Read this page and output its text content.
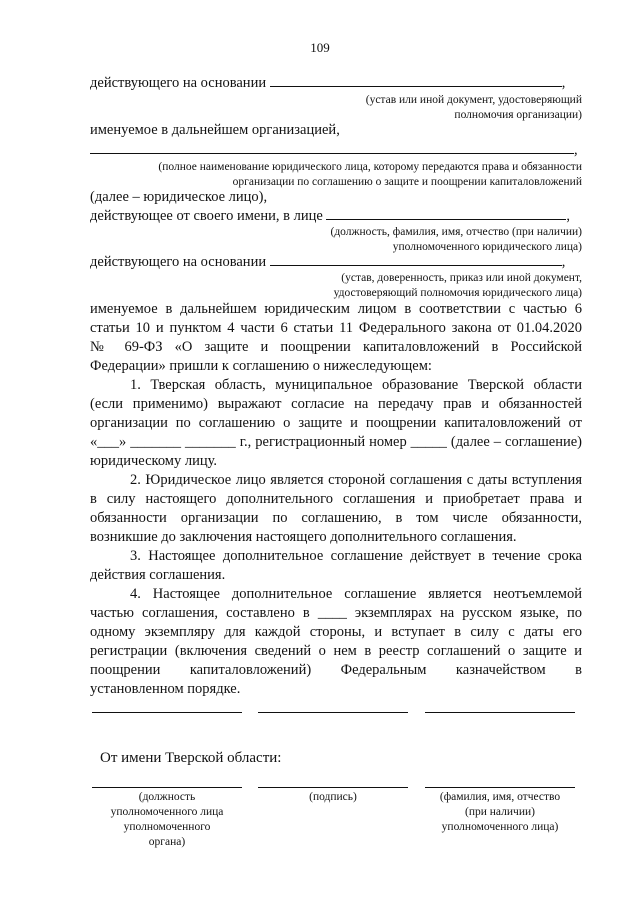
109
действующего на основании	,
(устав или иной документ, удостоверяющий
полномочия организации)
именуемое в дальнейшем организацией,
,
(полное наименование юридического лица, которому передаются права и обязанности
организации по соглашению о защите и поощрении капиталовложений
(далее – юридическое лицо),
действующее от своего имени, в лице	,
(должность, фамилия, имя, отчество (при наличии)
уполномоченного юридического лица)
действующего на основании	,
(устав, доверенность, приказ или иной документ,
удостоверяющий полномочия юридического лица)
именуемое в дальнейшем юридическим лицом в соответствии с частью 6
статьи 10 и пунктом 4 части 6 статьи 11 Федерального закона от 01.04.2020
№ 69-ФЗ «О защите и поощрении капиталовложений в Российской
Федерации» пришли к соглашению о нижеследующем:
1. Тверская область, муниципальное образование Тверской области
(если применимо) выражают согласие на передачу прав и обязанностей
организации по соглашению о защите и поощрении капиталовложений от
«___» _______ _______ г., регистрационный номер _____ (далее – соглашение)
юридическому лицу.
2. Юридическое лицо является стороной соглашения с даты вступления
в силу настоящего дополнительного соглашения и приобретает права и
обязанности организации по соглашению, в том числе обязанности,
возникшие до заключения настоящего дополнительного соглашения.
3. Настоящее дополнительное соглашение действует в течение срока
действия соглашения.
4. Настоящее дополнительное соглашение является неотъемлемой
частью соглашения, составлено в ____ экземплярах на русском языке, по
одному экземпляру для каждой стороны, и вступает в силу с даты его
регистрации (включения сведений о нем в реестр соглашений о защите и
поощрении капиталовложений) Федеральным казначейством в
установленном порядке.
От имени Тверской области:
(должность
уполномоченного лица
уполномоченного
органа)
(подпись)	(фамилия, имя, отчество
(при наличии)
уполномоченного лица)
